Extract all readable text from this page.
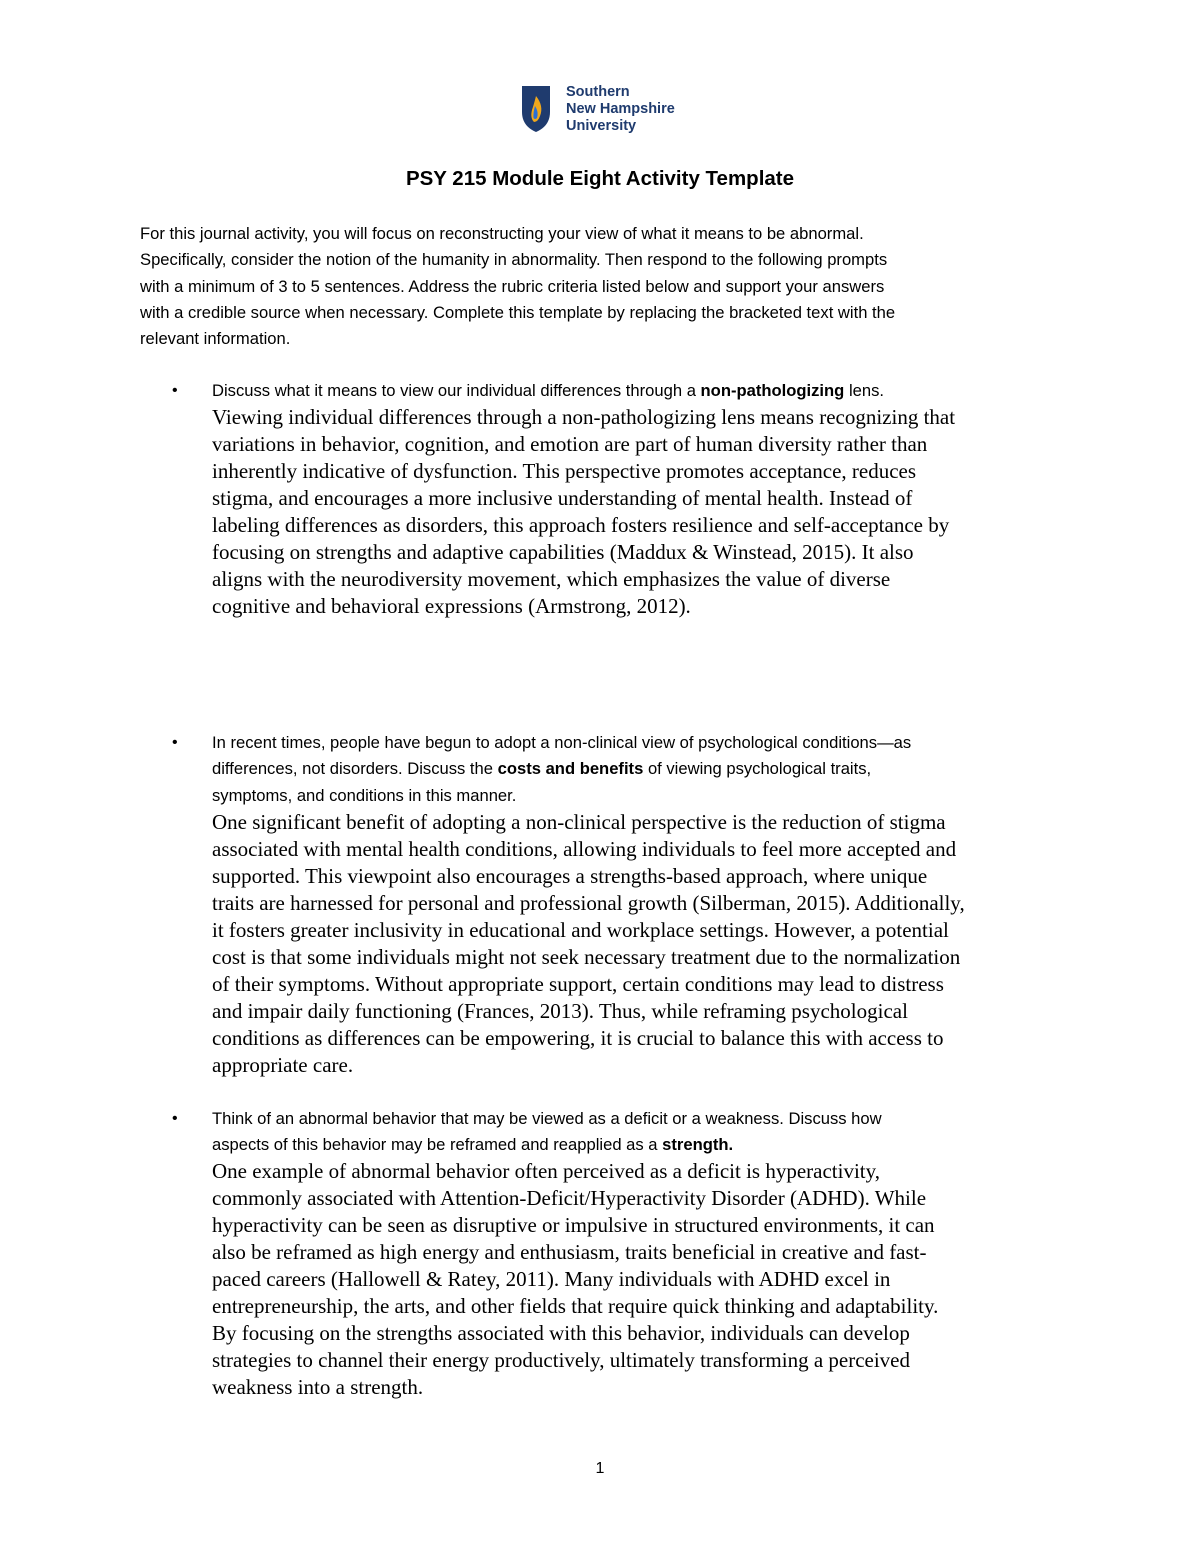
Southern
New Hampshire
University
PSY 215 Module Eight Activity Template
For this journal activity, you will focus on reconstructing your view of what it means to be abnormal.
Specifically, consider the notion of the humanity in abnormality. Then respond to the following prompts
with a minimum of 3 to 5 sentences. Address the rubric criteria listed below and support your answers
with a credible source when necessary. Complete this template by replacing the bracketed text with the
relevant information.
• Discuss what it means to view our individual differences through a non-pathologizing lens.
Viewing individual differences through a non-pathologizing lens means recognizing that
variations in behavior, cognition, and emotion are part of human diversity rather than
inherently indicative of dysfunction. This perspective promotes acceptance, reduces
stigma, and encourages a more inclusive understanding of mental health. Instead of
labeling differences as disorders, this approach fosters resilience and self-acceptance by
focusing on strengths and adaptive capabilities (Maddux & Winstead, 2015). It also
aligns with the neurodiversity movement, which emphasizes the value of diverse
cognitive and behavioral expressions (Armstrong, 2012).
• In recent times, people have begun to adopt a non-clinical view of psychological conditions—as
differences, not disorders. Discuss the costs and benefits of viewing psychological traits,
symptoms, and conditions in this manner.
One significant benefit of adopting a non-clinical perspective is the reduction of stigma
associated with mental health conditions, allowing individuals to feel more accepted and
supported. This viewpoint also encourages a strengths-based approach, where unique
traits are harnessed for personal and professional growth (Silberman, 2015). Additionally,
it fosters greater inclusivity in educational and workplace settings. However, a potential
cost is that some individuals might not seek necessary treatment due to the normalization
of their symptoms. Without appropriate support, certain conditions may lead to distress
and impair daily functioning (Frances, 2013). Thus, while reframing psychological
conditions as differences can be empowering, it is crucial to balance this with access to
appropriate care.
• Think of an abnormal behavior that may be viewed as a deficit or a weakness. Discuss how
aspects of this behavior may be reframed and reapplied as a strength.
One example of abnormal behavior often perceived as a deficit is hyperactivity,
commonly associated with Attention-Deficit/Hyperactivity Disorder (ADHD). While
hyperactivity can be seen as disruptive or impulsive in structured environments, it can
also be reframed as high energy and enthusiasm, traits beneficial in creative and fast-
paced careers (Hallowell & Ratey, 2011). Many individuals with ADHD excel in
entrepreneurship, the arts, and other fields that require quick thinking and adaptability.
By focusing on the strengths associated with this behavior, individuals can develop
strategies to channel their energy productively, ultimately transforming a perceived
weakness into a strength.
1
